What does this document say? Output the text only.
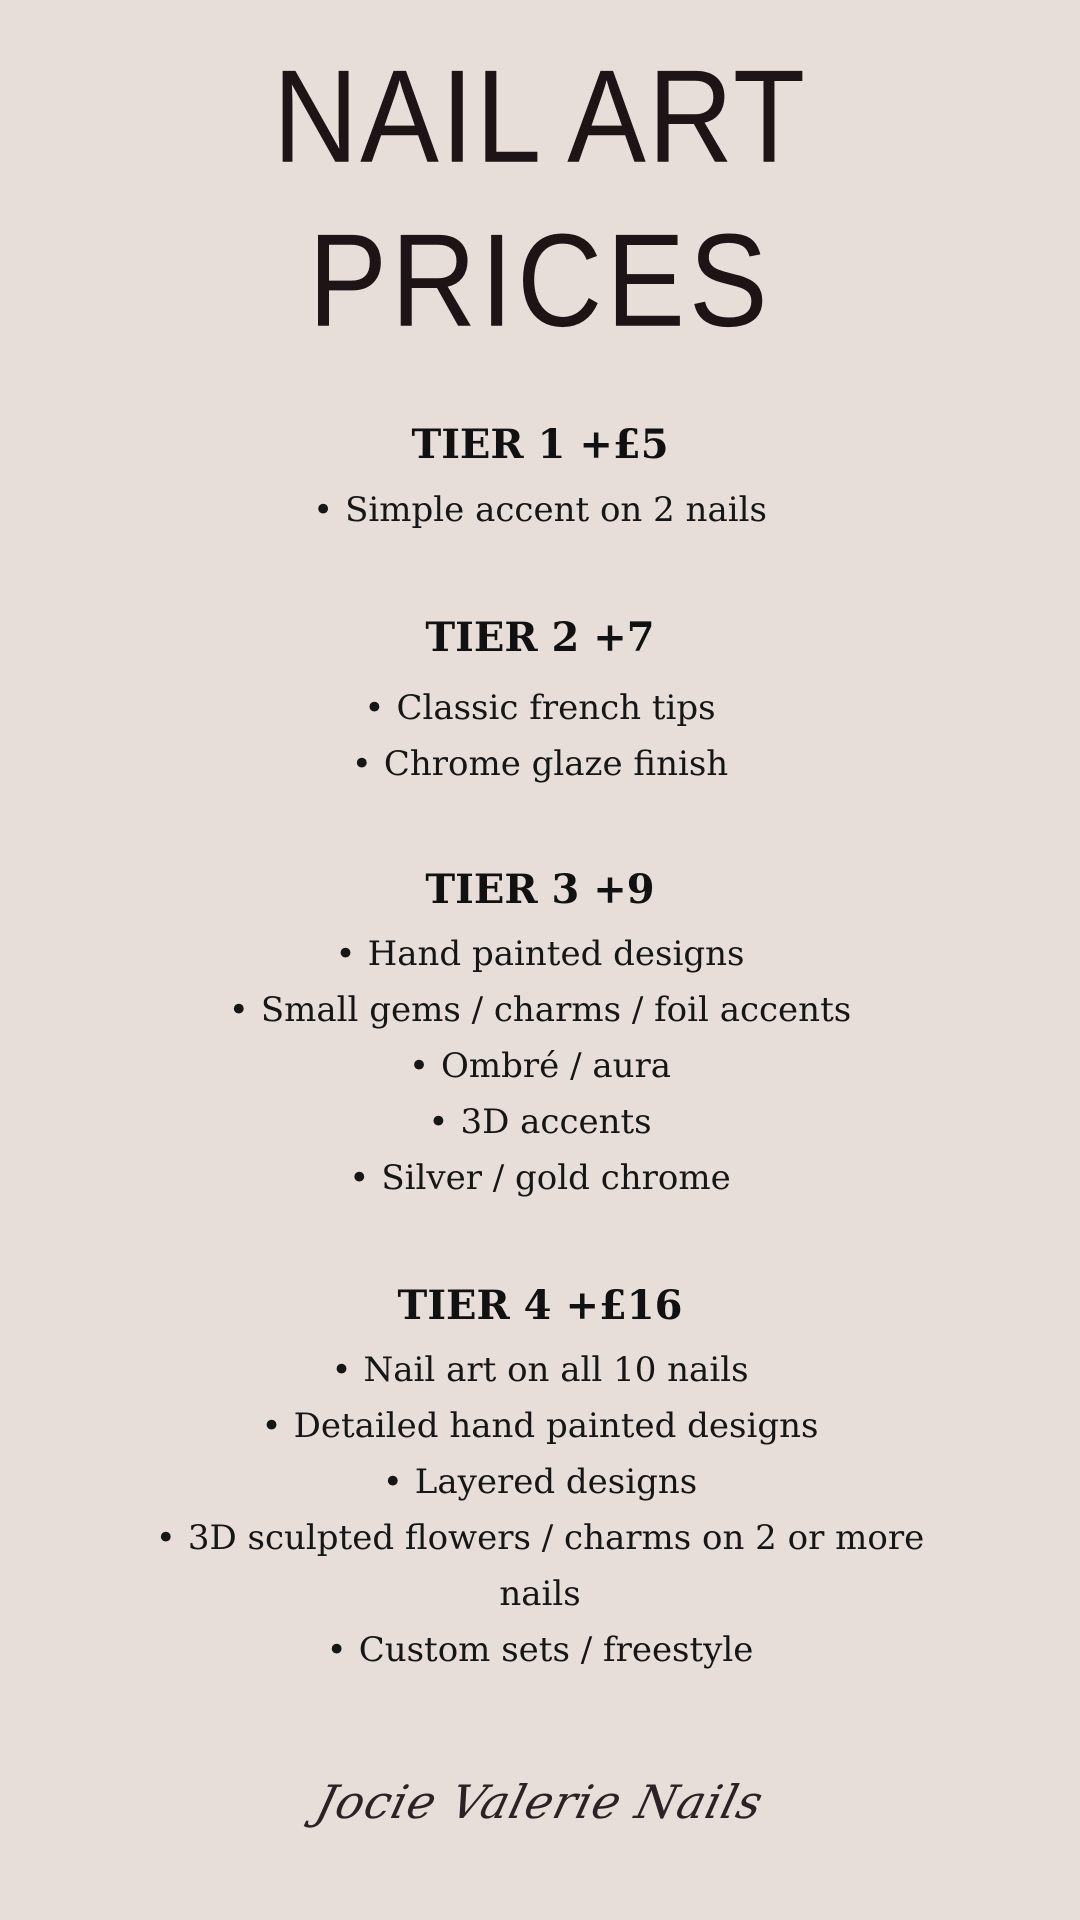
NAIL ART
PRICES
TIER 1 +£5
• Simple accent on 2 nails
TIER 2 +7
• Classic french tips
• Chrome glaze finish
TIER 3 +9
• Hand painted designs
• Small gems / charms / foil accents
• Ombré / aura
• 3D accents
• Silver / gold chrome
TIER 4 +£16
• Nail art on all 10 nails
• Detailed hand painted designs
• Layered designs
• 3D sculpted flowers / charms on 2 or more nails
• Custom sets / freestyle
Jocie Valerie Nails
